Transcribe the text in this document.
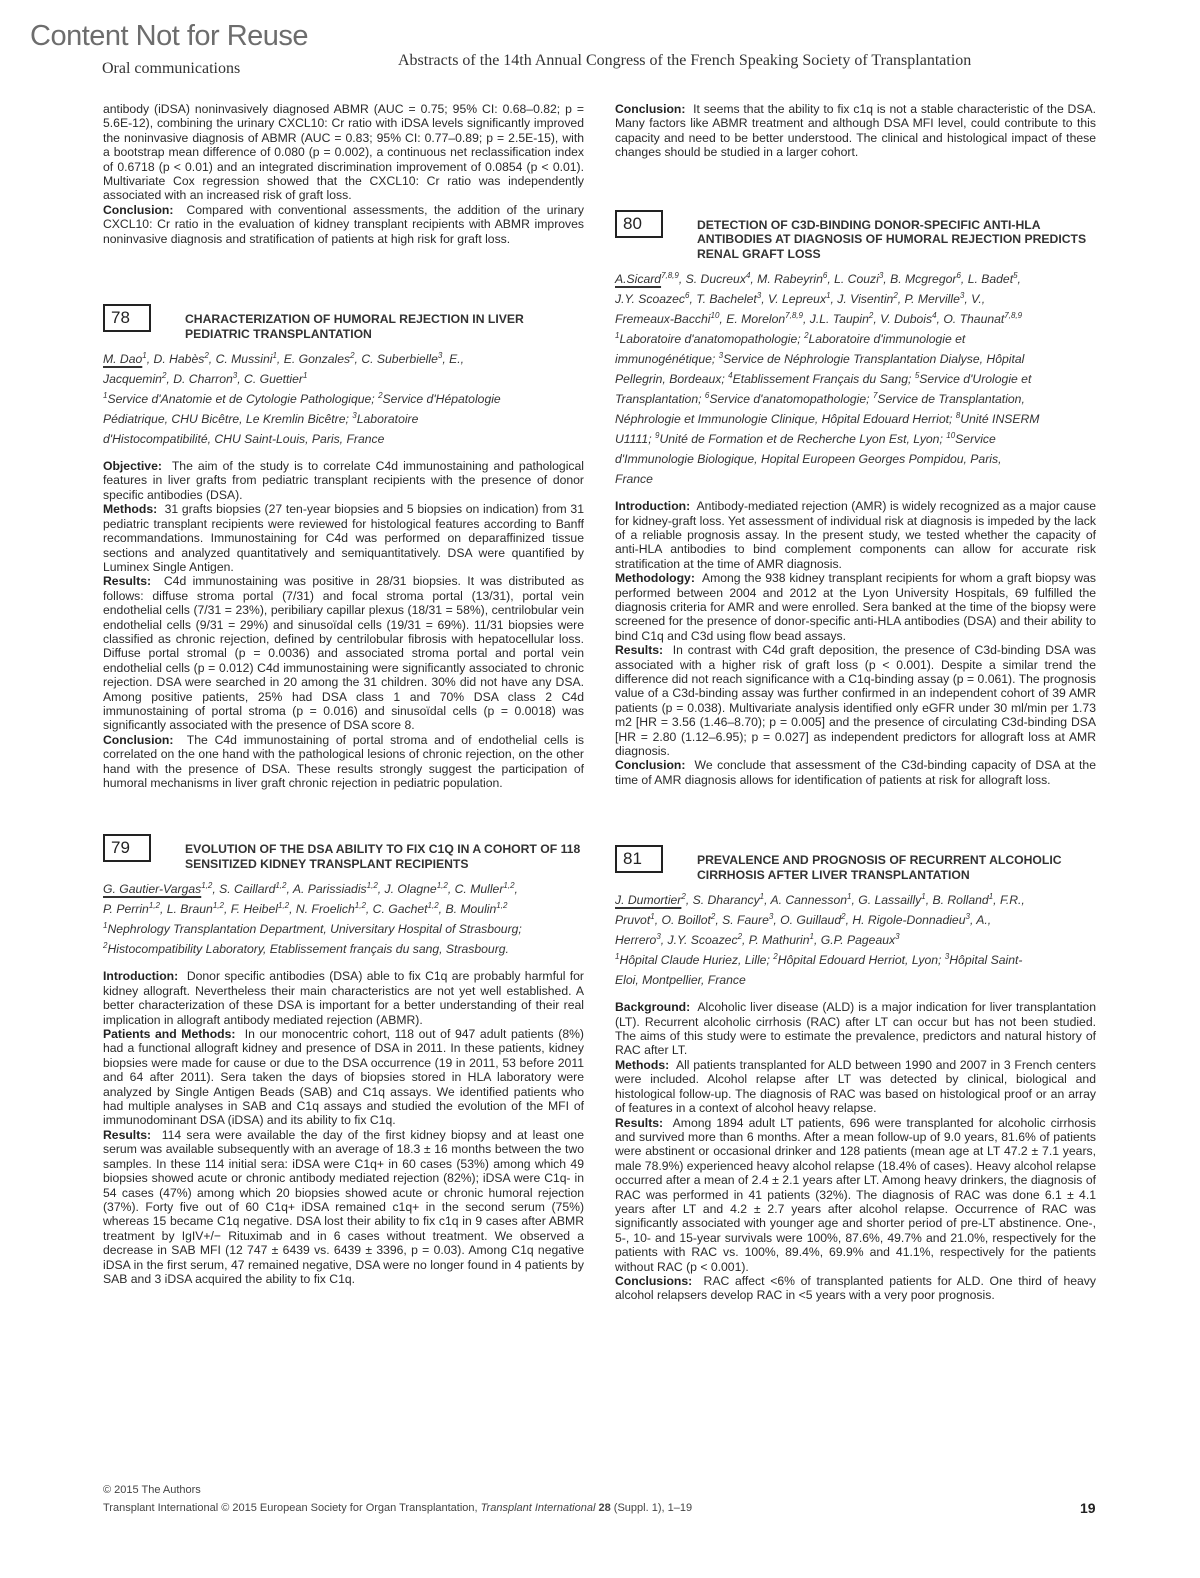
Content Not for Reuse
Oral communications	Abstracts of the 14th Annual Congress of the French Speaking Society of Transplantation

antibody (iDSA) noninvasively diagnosed ABMR (AUC = 0.75; 95% CI: 0.68–0.82; p = 5.6E-12), combining the urinary CXCL10: Cr ratio with iDSA levels significantly improved the noninvasive diagnosis of ABMR (AUC = 0.83; 95% CI: 0.77–0.89; p = 2.5E-15), with a bootstrap mean difference of 0.080 (p = 0.002), a continuous net reclassification index of 0.6718 (p < 0.01) and an integrated discrimination improvement of 0.0854 (p < 0.01). Multivariate Cox regression showed that the CXCL10: Cr ratio was independently associated with an increased risk of graft loss.

Conclusion: Compared with conventional assessments, the addition of the urinary CXCL10: Cr ratio in the evaluation of kidney transplant recipients with ABMR improves noninvasive diagnosis and stratification of patients at high risk for graft loss.

78	CHARACTERIZATION OF HUMORAL REJECTION IN LIVER PEDIATRIC TRANSPLANTATION
M. Dao$^1$, D. Habès$^2$, C. Mussini$^1$, E. Gonzales$^2$, C. Suberbielle$^3$, E.,
Jacquemin$^2$, D. Charron$^3$, C. Guettier$^1$
$^1$Service d'Anatomie et de Cytologie Pathologique; $^2$Service d'Hépatologie
Pédiatrique, CHU Bicêtre, Le Kremlin Bicêtre; $^3$Laboratoire
d'Histocompatibilité, CHU Saint-Louis, Paris, France

Objective: The aim of the study is to correlate C4d immunostaining and pathological features in liver grafts from pediatric transplant recipients with the presence of donor specific antibodies (DSA).

Methods: 31 grafts biopsies (27 ten-year biopsies and 5 biopsies on indication) from 31 pediatric transplant recipients were reviewed for histological features according to Banff recommandations. Immunostaining for C4d was performed on deparaffinized tissue sections and analyzed quantitatively and semiquantitatively. DSA were quantified by Luminex Single Antigen.

Results: C4d immunostaining was positive in 28/31 biopsies. It was distributed as follows: diffuse stroma portal (7/31) and focal stroma portal (13/31), portal vein endothelial cells (7/31 = 23%), peribiliary capillar plexus (18/31 = 58%), centrilobular vein endothelial cells (9/31 = 29%) and sinusoïdal cells (19/31 = 69%). 11/31 biopsies were classified as chronic rejection, defined by centrilobular fibrosis with hepatocellular loss. Diffuse portal stromal (p = 0.0036) and associated stroma portal and portal vein endothelial cells (p = 0.012) C4d immunostaining were significantly associated to chronic rejection. DSA were searched in 20 among the 31 children. 30% did not have any DSA. Among positive patients, 25% had DSA class 1 and 70% DSA class 2 C4d immunostaining of portal stroma (p = 0.016) and sinusoïdal cells (p = 0.0018) was significantly associated with the presence of DSA score 8.

Conclusion: The C4d immunostaining of portal stroma and of endothelial cells is correlated on the one hand with the pathological lesions of chronic rejection, on the other hand with the presence of DSA. These results strongly suggest the participation of humoral mechanisms in liver graft chronic rejection in pediatric population.

79	EVOLUTION OF THE DSA ABILITY TO FIX C1Q IN A COHORT OF 118 SENSITIZED KIDNEY TRANSPLANT RECIPIENTS
G. Gautier-Vargas$^{1,2}$, S. Caillard$^{1,2}$, A. Parissiadis$^{1,2}$, J. Olagne$^{1,2}$, C. Muller$^{1,2}$,
P. Perrin$^{1,2}$, L. Braun$^{1,2}$, F. Heibel$^{1,2}$, N. Froelich$^{1,2}$, C. Gachet$^{1,2}$, B. Moulin$^{1,2}$
$^1$Nephrology Transplantation Department, Universitary Hospital of Strasbourg;
$^2$Histocompatibility Laboratory, Etablissement français du sang, Strasbourg.

Introduction: Donor specific antibodies (DSA) able to fix C1q are probably harmful for kidney allograft. Nevertheless their main characteristics are not yet well established. A better characterization of these DSA is important for a better understanding of their real implication in allograft antibody mediated rejection (ABMR).

Patients and Methods: In our monocentric cohort, 118 out of 947 adult patients (8%) had a functional allograft kidney and presence of DSA in 2011. In these patients, kidney biopsies were made for cause or due to the DSA occurrence (19 in 2011, 53 before 2011 and 64 after 2011). Sera taken the days of biopsies stored in HLA laboratory were analyzed by Single Antigen Beads (SAB) and C1q assays. We identified patients who had multiple analyses in SAB and C1q assays and studied the evolution of the MFI of immunodominant DSA (iDSA) and its ability to fix C1q.

Results: 114 sera were available the day of the first kidney biopsy and at least one serum was available subsequently with an average of 18.3 ± 16 months between the two samples. In these 114 initial sera: iDSA were C1q+ in 60 cases (53%) among which 49 biopsies showed acute or chronic antibody mediated rejection (82%); iDSA were C1q- in 54 cases (47%) among which 20 biopsies showed acute or chronic humoral rejection (37%). Forty five out of 60 C1q+ iDSA remained c1q+ in the second serum (75%) whereas 15 became C1q negative. DSA lost their ability to fix c1q in 9 cases after ABMR treatment by IgIV+/− Rituximab and in 6 cases without treatment. We observed a decrease in SAB MFI (12 747 ± 6439 vs. 6439 ± 3396, p = 0.03). Among C1q negative iDSA in the first serum, 47 remained negative, DSA were no longer found in 4 patients by SAB and 3 iDSA acquired the ability to fix C1q.

Conclusion: It seems that the ability to fix c1q is not a stable characteristic of the DSA. Many factors like ABMR treatment and although DSA MFI level, could contribute to this capacity and need to be better understood. The clinical and histological impact of these changes should be studied in a larger cohort.

80	DETECTION OF C3D-BINDING DONOR-SPECIFIC ANTI-HLA ANTIBODIES AT DIAGNOSIS OF HUMORAL REJECTION PREDICTS RENAL GRAFT LOSS
A.Sicard$^{7,8,9}$, S. Ducreux$^4$, M. Rabeyrin$^6$, L. Couzi$^3$, B. Mcgregor$^6$, L. Badet$^5$,
J.Y. Scoazec$^6$, T. Bachelet$^3$, V. Lepreux$^1$, J. Visentin$^2$, P. Merville$^3$, V.,
Fremeaux-Bacchi$^{10}$, E. Morelon$^{7,8,9}$, J.L. Taupin$^2$, V. Dubois$^4$, O. Thaunat$^{7,8,9}$
$^1$Laboratoire d'anatomopathologie; $^2$Laboratoire d'immunologie et
immunogénétique; $^3$Service de Néphrologie Transplantation Dialyse, Hôpital
Pellegrin, Bordeaux; $^4$Etablissement Français du Sang; $^5$Service d'Urologie et
Transplantation; $^6$Service d'anatomopathologie; $^7$Service de Transplantation,
Néphrologie et Immunologie Clinique, Hôpital Edouard Herriot; $^8$Unité INSERM
U1111; $^9$Unité de Formation et de Recherche Lyon Est, Lyon; $^{10}$Service
d'Immunologie Biologique, Hopital Europeen Georges Pompidou, Paris,
France

Introduction: Antibody-mediated rejection (AMR) is widely recognized as a major cause for kidney-graft loss. Yet assessment of individual risk at diagnosis is impeded by the lack of a reliable prognosis assay. In the present study, we tested whether the capacity of anti-HLA antibodies to bind complement components can allow for accurate risk stratification at the time of AMR diagnosis.

Methodology: Among the 938 kidney transplant recipients for whom a graft biopsy was performed between 2004 and 2012 at the Lyon University Hospitals, 69 fulfilled the diagnosis criteria for AMR and were enrolled. Sera banked at the time of the biopsy were screened for the presence of donor-specific anti-HLA antibodies (DSA) and their ability to bind C1q and C3d using flow bead assays.

Results: In contrast with C4d graft deposition, the presence of C3d-binding DSA was associated with a higher risk of graft loss (p < 0.001). Despite a similar trend the difference did not reach significance with a C1q-binding assay (p = 0.061). The prognosis value of a C3d-binding assay was further confirmed in an independent cohort of 39 AMR patients (p = 0.038). Multivariate analysis identified only eGFR under 30 ml/min per 1.73 m2 [HR = 3.56 (1.46–8.70); p = 0.005] and the presence of circulating C3d-binding DSA [HR = 2.80 (1.12–6.95); p = 0.027] as independent predictors for allograft loss at AMR diagnosis.

Conclusion: We conclude that assessment of the C3d-binding capacity of DSA at the time of AMR diagnosis allows for identification of patients at risk for allograft loss.

81	PREVALENCE AND PROGNOSIS OF RECURRENT ALCOHOLIC CIRRHOSIS AFTER LIVER TRANSPLANTATION
J. Dumortier$^2$, S. Dharancy$^1$, A. Cannesson$^1$, G. Lassailly$^1$, B. Rolland$^1$, F.R.,
Pruvot$^1$, O. Boillot$^2$, S. Faure$^3$, O. Guillaud$^2$, H. Rigole-Donnadieu$^3$, A.,
Herrero$^3$, J.Y. Scoazec$^2$, P. Mathurin$^1$, G.P. Pageaux$^3$
$^1$Hôpital Claude Huriez, Lille; $^2$Hôpital Edouard Herriot, Lyon; $^3$Hôpital Saint-
Eloi, Montpellier, France

Background: Alcoholic liver disease (ALD) is a major indication for liver transplantation (LT). Recurrent alcoholic cirrhosis (RAC) after LT can occur but has not been studied. The aims of this study were to estimate the prevalence, predictors and natural history of RAC after LT.

Methods: All patients transplanted for ALD between 1990 and 2007 in 3 French centers were included. Alcohol relapse after LT was detected by clinical, biological and histological follow-up. The diagnosis of RAC was based on histological proof or an array of features in a context of alcohol heavy relapse.

Results: Among 1894 adult LT patients, 696 were transplanted for alcoholic cirrhosis and survived more than 6 months. After a mean follow-up of 9.0 years, 81.6% of patients were abstinent or occasional drinker and 128 patients (mean age at LT 47.2 ± 7.1 years, male 78.9%) experienced heavy alcohol relapse (18.4% of cases). Heavy alcohol relapse occurred after a mean of 2.4 ± 2.1 years after LT. Among heavy drinkers, the diagnosis of RAC was performed in 41 patients (32%). The diagnosis of RAC was done 6.1 ± 4.1 years after LT and 4.2 ± 2.7 years after alcohol relapse. Occurrence of RAC was significantly associated with younger age and shorter period of pre-LT abstinence. One-, 5-, 10- and 15-year survivals were 100%, 87.6%, 49.7% and 21.0%, respectively for the patients with RAC vs. 100%, 89.4%, 69.9% and 41.1%, respectively for the patients without RAC (p < 0.001).

Conclusions: RAC affect <6% of transplanted patients for ALD. One third of heavy alcohol relapsers develop RAC in <5 years with a very poor prognosis.

© 2015 The Authors
Transplant International © 2015 European Society for Organ Transplantation, Transplant International 28 (Suppl. 1), 1–19	19
